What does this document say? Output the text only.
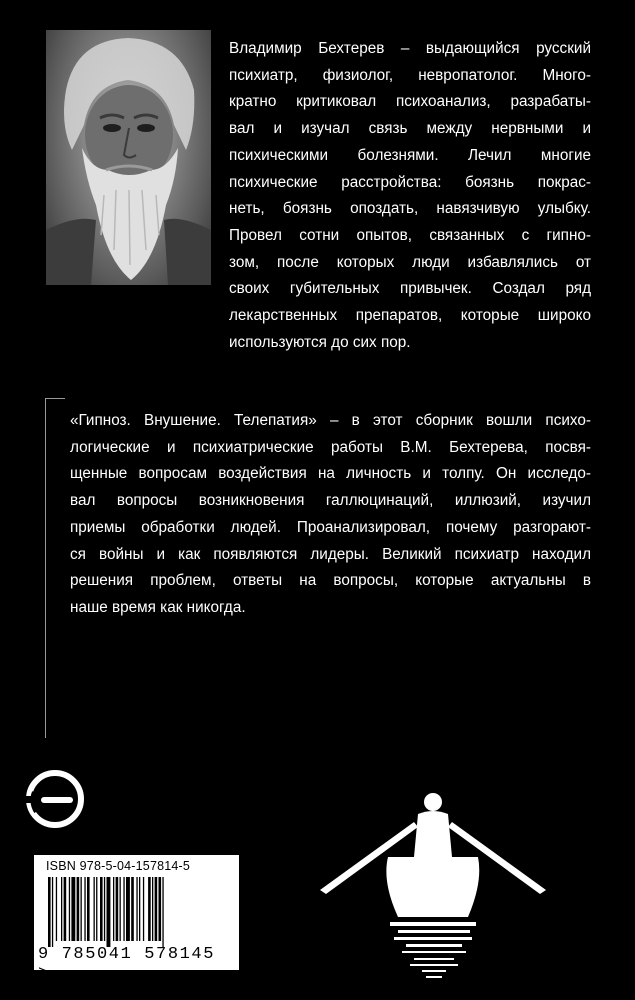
Владимир Бехтерев – выдающийся русский
психиатр, физиолог, невропатолог. Много-
кратно критиковал психоанализ, разрабаты-
вал и изучал связь между нервными и
психическими болезнями. Лечил многие
психические расстройства: боязнь покрас-
неть, боязнь опоздать, навязчивую улыбку.
Провел сотни опытов, связанных с гипно-
зом, после которых люди избавлялись от
своих губительных привычек. Создал ряд
лекарственных препаратов, которые широко
используются до сих пор.
«Гипноз. Внушение. Телепатия» – в этот сборник вошли психо-
логические и психиатрические работы В.М. Бехтерева, посвя-
щенные вопросам воздействия на личность и толпу. Он исследо-
вал вопросы возникновения галлюцинаций, иллюзий, изучил
приемы обработки людей. Проанализировал, почему разгорают-
ся войны и как появляются лидеры. Великий психиатр находил
решения проблем, ответы на вопросы, которые актуальны в
наше время как никогда.
ISBN 978-5-04-157814-5
9 785041 578145 >
